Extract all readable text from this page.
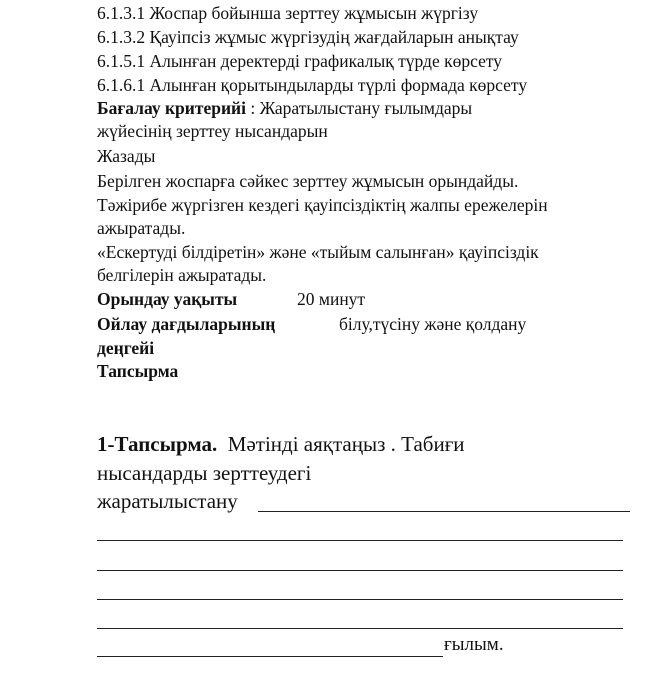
6.1.3.1 Жоспар бойынша зерттеу жұмысын жүргізу
6.1.3.2 Қауіпсіз жұмыс жүргізудің жағдайларын анықтау
6.1.5.1 Алынған деректерді графикалық түрде көрсету
6.1.6.1 Алынған қорытындыларды түрлі формада көрсету
Бағалау критерийі : Жаратылыстану ғылымдары
жүйесінің зерттеу нысандарын
Жазады
Берілген жоспарға сәйкес зерттеу жұмысын орындайды.
Тәжірибе жүргізген кездегі қауіпсіздіктің жалпы ережелерін
ажыратады.
«Ескертуді білдіретін» және «тыйым салынған» қауіпсіздік
белгілерін ажыратады.
Орындау уақыты	20 минут
Ойлау дағдыларының	білу,түсіну және қолдану
деңгейі
Тапсырма
1-Тапсырма. Мәтінді аяқтаңыз . Табиғи
нысандарды зерттеудегі
жаратылыстану
ғылым.
